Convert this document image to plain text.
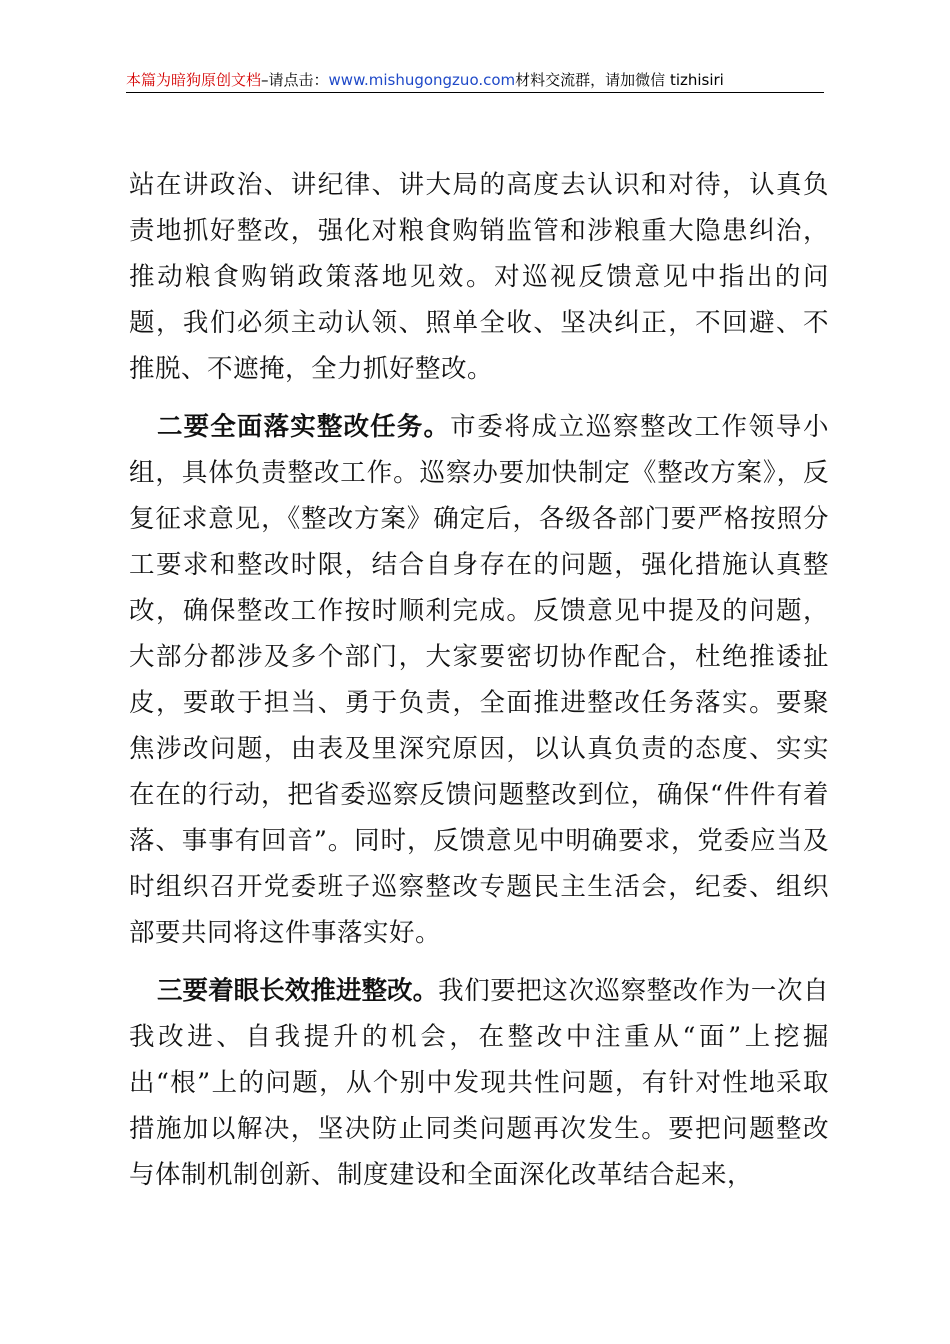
本篇为暗狗原创文档–请点击：www.mishugongzuo.com材料交流群，请加微信 tizhisiri

站在讲政治、讲纪律、讲大局的高度去认识和对待，认真负责地抓好整改，强化对粮食购销监管和涉粮重大隐患纠治，推动粮食购销政策落地见效。对巡视反馈意见中指出的问题，我们必须主动认领、照单全收、坚决纠正，不回避、不推脱、不遮掩，全力抓好整改。

二要全面落实整改任务。市委将成立巡察整改工作领导小组，具体负责整改工作。巡察办要加快制定《整改方案》，反复征求意见，《整改方案》确定后，各级各部门要严格按照分工要求和整改时限，结合自身存在的问题，强化措施认真整改，确保整改工作按时顺利完成。反馈意见中提及的问题，大部分都涉及多个部门，大家要密切协作配合，杜绝推诿扯皮，要敢于担当、勇于负责，全面推进整改任务落实。要聚焦涉改问题，由表及里深究原因，以认真负责的态度、实实在在的行动，把省委巡察反馈问题整改到位，确保“件件有着落、事事有回音”。同时，反馈意见中明确要求，党委应当及时组织召开党委班子巡察整改专题民主生活会，纪委、组织部要共同将这件事落实好。

三要着眼长效推进整改。我们要把这次巡察整改作为一次自我改进、自我提升的机会，在整改中注重从“面”上挖掘出“根”上的问题，从个别中发现共性问题，有针对性地采取措施加以解决，坚决防止同类问题再次发生。要把问题整改与体制机制创新、制度建设和全面深化改革结合起来，
